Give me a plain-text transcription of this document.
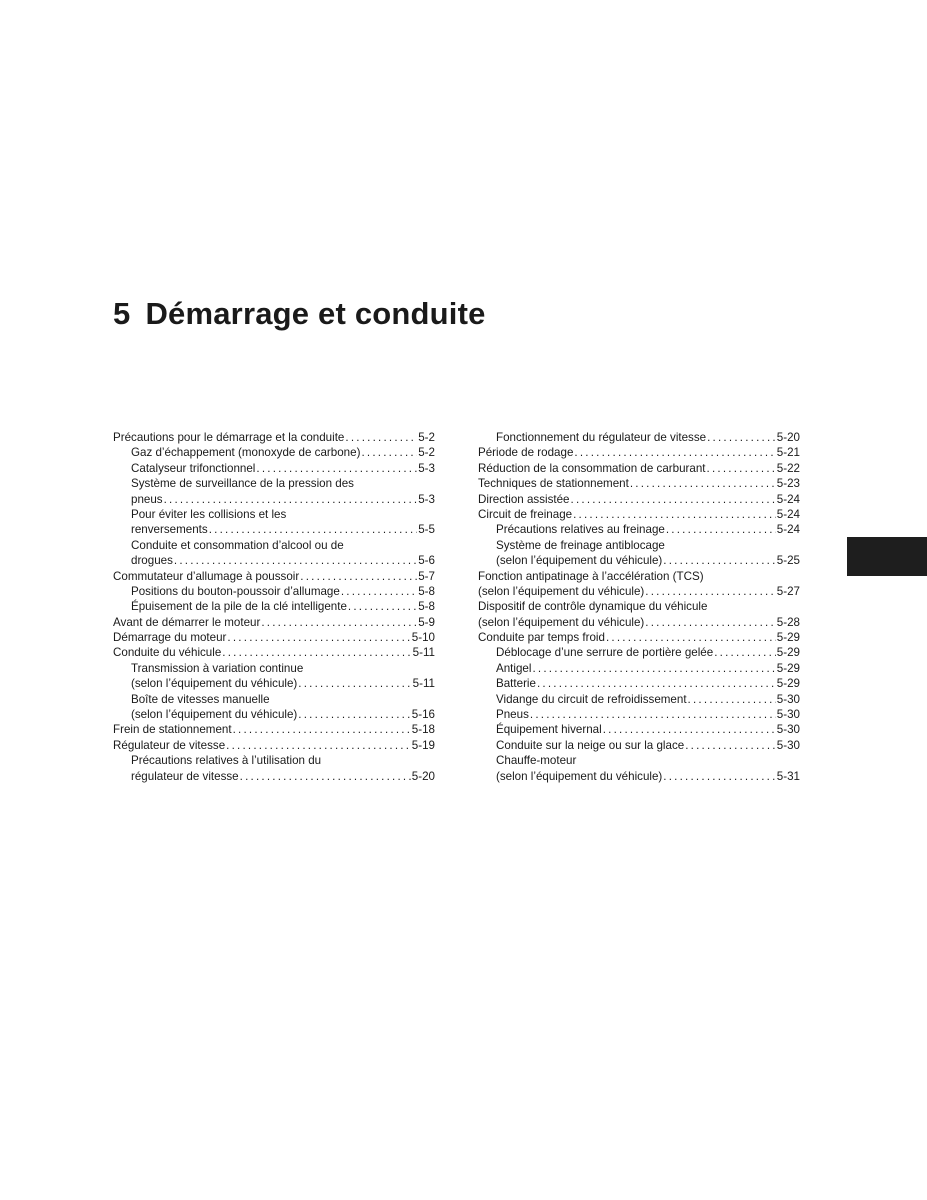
5 Démarrage et conduite
Précautions pour le démarrage et la conduite . . .	5-2
Gaz d’échappement (monoxyde de carbone) . . .	5-2
Catalyseur trifonctionnel . . .	5-3
Système de surveillance de la pression des
pneus . . .	5-3
Pour éviter les collisions et les
renversements . . .	5-5
Conduite et consommation d’alcool ou de
drogues . . .	5-6
Commutateur d’allumage à poussoir . . .	5-7
Positions du bouton-poussoir d’allumage . . .	5-8
Épuisement de la pile de la clé intelligente . . .	5-8
Avant de démarrer le moteur . . .	5-9
Démarrage du moteur . . .	5-10
Conduite du véhicule . . .	5-11
Transmission à variation continue
(selon l’équipement du véhicule) . . .	5-11
Boîte de vitesses manuelle
(selon l’équipement du véhicule) . . .	5-16
Frein de stationnement . . .	5-18
Régulateur de vitesse . . .	5-19
Précautions relatives à l’utilisation du
régulateur de vitesse . . .	5-20
Fonctionnement du régulateur de vitesse . . .	5-20
Période de rodage . . .	5-21
Réduction de la consommation de carburant . . .	5-22
Techniques de stationnement . . .	5-23
Direction assistée . . .	5-24
Circuit de freinage . . .	5-24
Précautions relatives au freinage . . .	5-24
Système de freinage antiblocage
(selon l’équipement du véhicule) . . .	5-25
Fonction antipatinage à l’accélération (TCS)
(selon l’équipement du véhicule) . . .	5-27
Dispositif de contrôle dynamique du véhicule
(selon l’équipement du véhicule) . . .	5-28
Conduite par temps froid . . .	5-29
Déblocage d’une serrure de portière gelée . . .	5-29
Antigel . . .	5-29
Batterie . . .	5-29
Vidange du circuit de refroidissement . . .	5-30
Pneus . . .	5-30
Équipement hivernal . . .	5-30
Conduite sur la neige ou sur la glace . . .	5-30
Chauffe-moteur
(selon l’équipement du véhicule) . . .	5-31
